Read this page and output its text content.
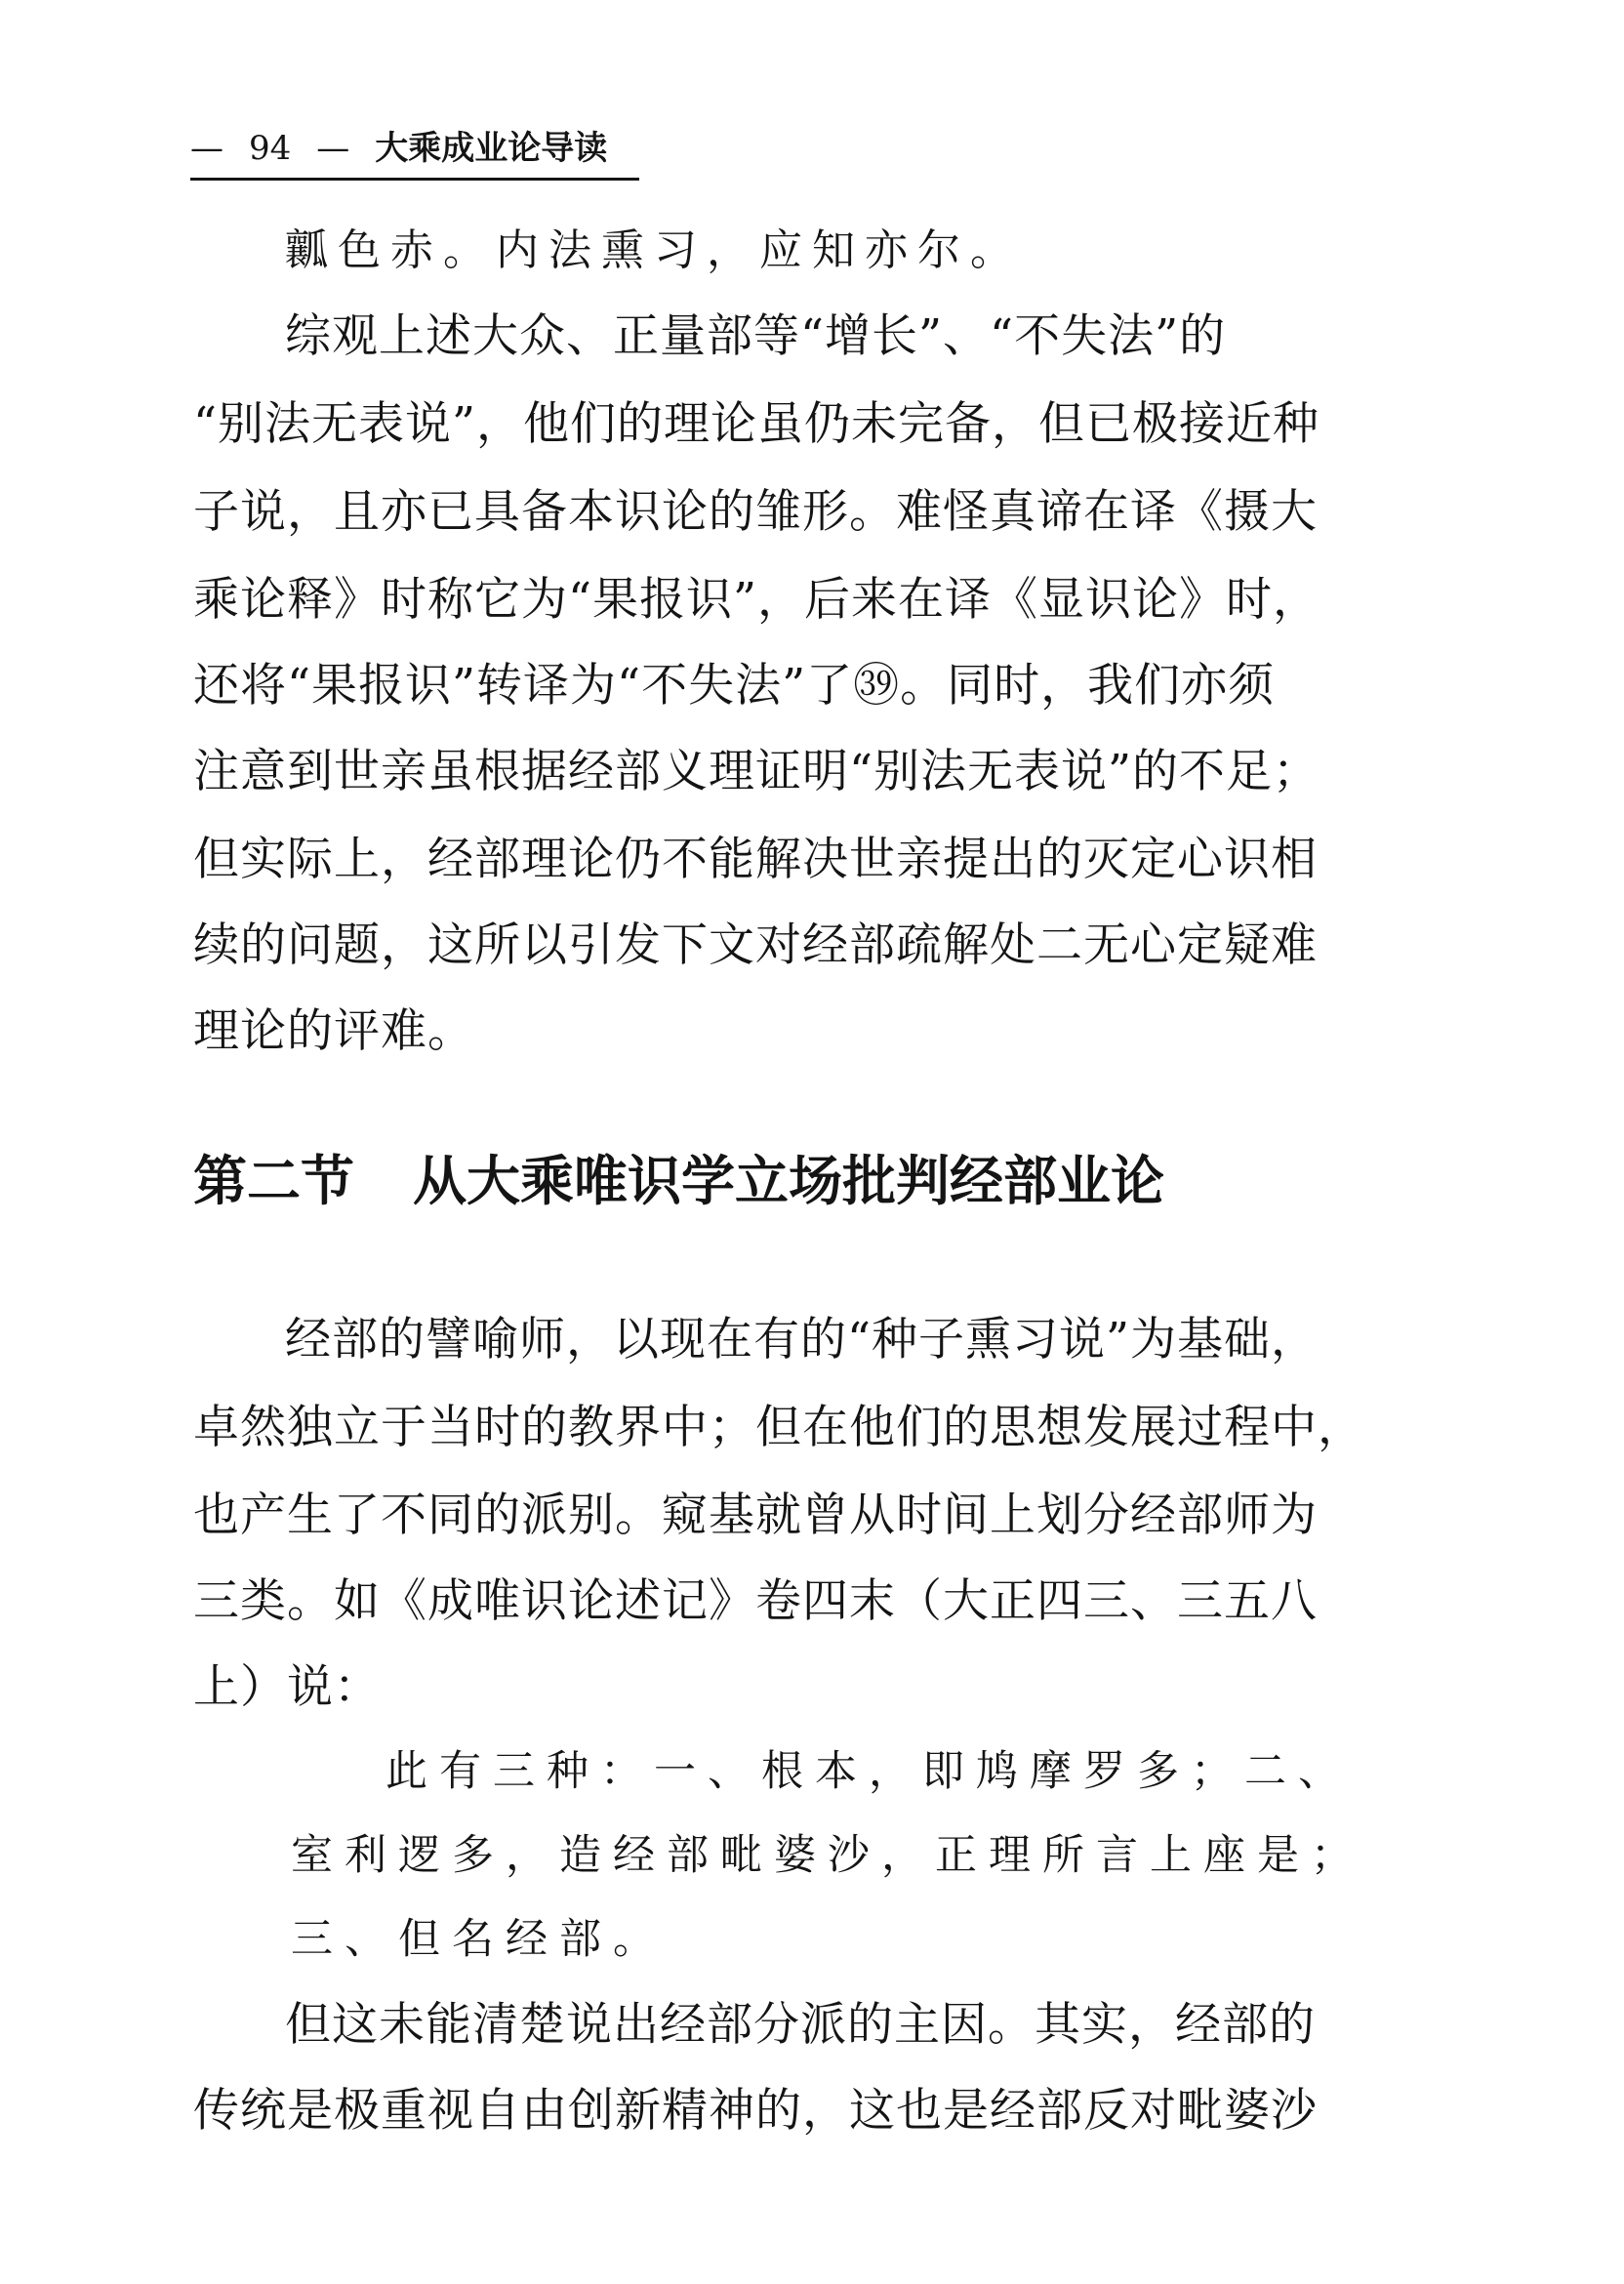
— 94 — 大乘成业论导读
瓤色赤。内法熏习，应知亦尔。
综观上述大众、正量部等“增长”、“不失法”的
“别法无表说”，他们的理论虽仍未完备，但已极接近种
子说，且亦已具备本识论的雏形。难怪真谛在译《摄大
乘论释》时称它为“果报识”，后来在译《显识论》时，
还将“果报识”转译为“不失法”了㊴。同时，我们亦须
注意到世亲虽根据经部义理证明“别法无表说”的不足；
但实际上，经部理论仍不能解决世亲提出的灭定心识相
续的问题，这所以引发下文对经部疏解处二无心定疑难
理论的评难。
第二节 从大乘唯识学立场批判经部业论
经部的譬喻师，以现在有的“种子熏习说”为基础，
卓然独立于当时的教界中；但在他们的思想发展过程中，
也产生了不同的派别。窥基就曾从时间上划分经部师为
三类。如《成唯识论述记》卷四末（大正四三、三五八
上）说：
此有三种：一、根本，即鸠摩罗多；二、
室利逻多，造经部毗婆沙，正理所言上座是；
三、但名经部。
但这未能清楚说出经部分派的主因。其实，经部的
传统是极重视自由创新精神的，这也是经部反对毗婆沙
